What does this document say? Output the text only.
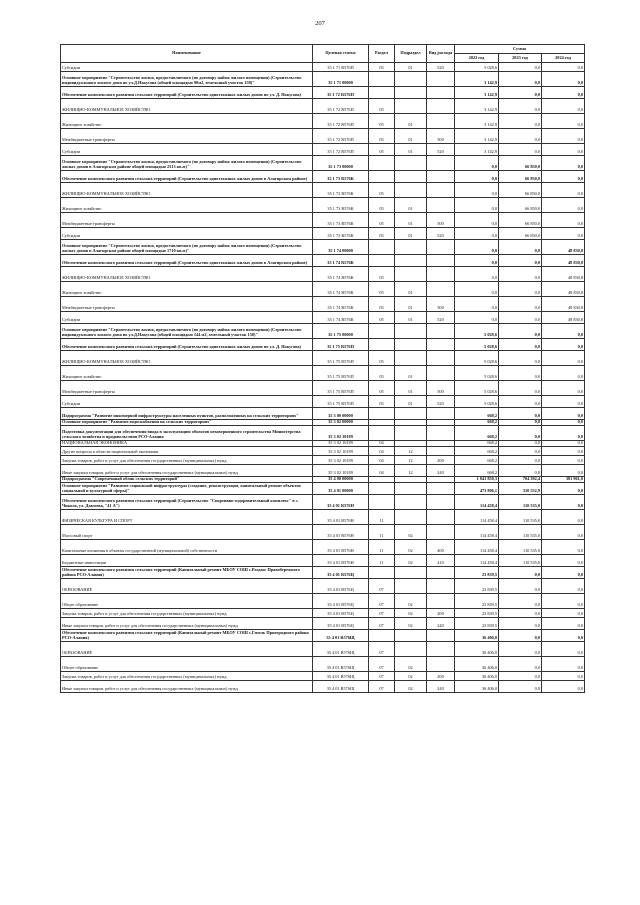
207
Наименование	Целевая статья	Раздел	Подраздел	Вид расхода	Сумма		
					2022 год	2023 год	2024 год
Субсидии	35 1 71 R576П	05	01	520	5 028,6	0,0	0,0
Основное мероприятие "Строительство жилья, предоставляемого (по договору найма жилого помещения) (Строительство индивидуального жилого дома по ул.Д.Накусова (общей площадью 90м2, земельный участок 158)"	35 1 71 00000				3 142,9	0,0	0,0
Обеспечение комплексного развития сельских территорий (Строительство одноэтажных жилых домов по ул. Д. Накусова)	35 1 72 R576П				3 142,9	0,0	0,0
ЖИЛИЩНО-КОММУНАЛЬНОЕ ХОЗЯЙСТВО	35 1 72 R576П	05			3 142,9	0,0	0,0
Жилищное хозяйство	35 1 72 R576П	05	01		3 142,9	0,0	0,0
Межбюджетные трансферты	35 1 72 R576П	05	01	500	3 142,9	0,0	0,0
Субсидии	35 1 72 R576П	05	01	520	3 142,9	0,0	0,0
Основное мероприятие "Строительство жилья, предоставляемого (по договору найма жилого помещения) (Строительство жилых домов в Алагирском районе общей площадью 2313 кв.м)"	35 1 73 00000				0,0	66 850,0	0,0
Обеспечение комплексного развития сельских территорий (Строительство одноэтажных жилых домов в Алагирском районе)	35 1 73 R576К				0,0	66 850,0	0,0
ЖИЛИЩНО-КОММУНАЛЬНОЕ ХОЗЯЙСТВО	35 1 73 R576К	05			0,0	66 850,0	0,0
Жилищное хозяйство	35 1 73 R576К	05	01		0,0	66 850,0	0,0
Межбюджетные трансферты	35 1 73 R576К	05	01	500	0,0	66 850,0	0,0
Субсидии	35 1 73 R576К	05	01	520	0,0	66 850,0	0,0
Основное мероприятие "Строительство жилья, предоставляемого (по договору найма жилого помещения) (Строительство жилых домов в Алагирском районе общей площадью 1710 кв.м)"	35 1 74 00000				0,0	0,0	48 830,8
Обеспечение комплексного развития сельских территорий (Строительство одноэтажных жилых домов в Алагирском районе)	35 1 74 R576К				0,0	0,0	48 830,8
ЖИЛИЩНО-КОММУНАЛЬНОЕ ХОЗЯЙСТВО	35 1 74 R576К	05			0,0	0,0	48 830,8
Жилищное хозяйство	35 1 74 R576К	05	01		0,0	0,0	48 830,8
Межбюджетные трансферты	35 1 74 R576К	05	01	500	0,0	0,0	48 830,8
Субсидии	35 1 74 R576К	05	01	520	0,0	0,0	48 830,8
Основное мероприятие "Строительство жилья, предоставляемого (по договору найма жилого помещения) (Строительство индивидуального жилого дома по ул.Д.Накусова (общей площадью 144 м2, земельный участок 150)"	35 1 75 00000				5 028,6	0,0	0,0
Обеспечение комплексного развития сельских территорий (Строительство одноэтажных жилых домов по ул. Д. Накусова)	35 1 75 R576П				5 028,6	0,0	0,0
ЖИЛИЩНО-КОММУНАЛЬНОЕ ХОЗЯЙСТВО	35 1 75 R576П	05			5 028,6	0,0	0,0
Жилищное хозяйство	35 1 75 R576П	05	01		5 028,6	0,0	0,0
Межбюджетные трансферты	35 1 75 R576П	05	01	500	5 028,6	0,0	0,0
Субсидии	35 1 75 R576П	05	01	520	5 028,6	0,0	0,0
Подпрограмма "Развитие инженерной инфраструктуры населенных пунктов, расположенных на сельских территориях"	35 3 00 00000				668,2	0,0	0,0
Основное мероприятие "Развитие водоснабжения на сельских территориях"	35 3 02 00000				668,2	0,0	0,0
Подготовка документации для обеспечения ввода в эксплуатацию объектов незавершенного строительства Министерства сельского хозяйства и продовольствия РСО-Алания	35 3 02 10189				668,2	0,0	0,0
НАЦИОНАЛЬНАЯ ЭКОНОМИКА	35 3 02 10189	04			668,2	0,0	0,0
Другие вопросы в области национальной экономики	35 3 02 10189	04	12		668,2	0,0	0,0
Закупка товаров, работ и услуг для обеспечения государственных (муниципальных) нужд	35 3 02 10189	04	12	200	668,2	0,0	0,0
Иные закупки товаров, работ и услуг для обеспечения государственных (муниципальных) нужд	35 3 02 10189	04	12	240	668,2	0,0	0,0
Подпрограмма "Современный облик сельских территорий"	35 4 00 00000				1 041 850,3	704 392,4	381 961,0
Основное мероприятие "Развитие социальной инфраструктуры (создание, реконструкция, капитальный ремонт объектов социальной и культурной сферы)"	35 4 01 00000				473 806,1	310 552,9	0,0
Обеспечение комплексного развития сельских территорий (Строительство "Спортивно-оздоровительный комплекс" в с. Чикола, ул. Дзагоева, "41 А")	35 4 01 R576Н				114 458,4	110 535,0	0,0
ФИЗИЧЕСКАЯ КУЛЬТУРА И СПОРТ	35 4 01 R576Н	11			114 458,4	110 535,0	0,0
Массовый спорт	35 4 01 R576Н	11	02		114 458,4	110 535,0	0,0
Капитальные вложения в объекты государственной (муниципальной) собственности	35 4 01 R576Н	11	02	400	114 458,4	110 535,0	0,0
Бюджетные инвестиции	35 4 01 R576Н	11	02	410	114 458,4	110 535,0	0,0
Обеспечение комплексного развития сельских территорий (Капитальный ремонт МБОУ СОШ с.Раздзог Правобережного района РСО-Алания)	35 4 01 R576Ц				23 839,5	0,0	0,0
ОБРАЗОВАНИЕ	35 4 01 R576Ц	07			23 839,5	0,0	0,0
Общее образование	35 4 01 R576Ц	07	02		23 839,5	0,0	0,0
Закупка товаров, работ и услуг для обеспечения государственных (муниципальных) нужд	35 4 01 R576Ц	07	02	200	23 839,5	0,0	0,0
Иные закупки товаров, работ и услуг для обеспечения государственных (муниципальных) нужд	35 4 01 R576Ц	07	02	240	23 839,5	0,0	0,0
Обеспечение комплексного развития сельских территорий (Капитальный ремонт МБОУ СОШ с.Гизель Пригородного района РСО-Алания)	35 4 01 R576Щ				36 406,0	0,0	0,0
ОБРАЗОВАНИЕ	35 4 01 R576Щ	07			36 406,0	0,0	0,0
Общее образование	35 4 01 R576Щ	07	02		36 406,0	0,0	0,0
Закупка товаров, работ и услуг для обеспечения государственных (муниципальных) нужд	35 4 01 R576Щ	07	02	200	36 406,0	0,0	0,0
Иные закупки товаров, работ и услуг для обеспечения государственных (муниципальных) нужд	35 4 01 R576Щ	07	02	240	36 406,0	0,0	0,0
